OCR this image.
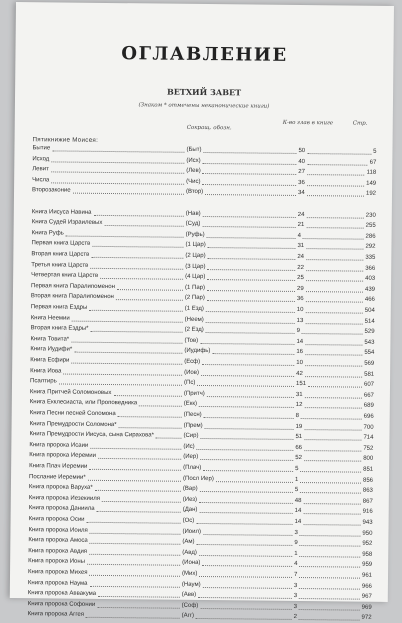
ОГЛАВЛЕНИЕ
ВЕТХИЙ ЗАВЕТ
(Знаком * отмечены неканонические книги)
Сокращ. обозн.
К-во глав в книге	Стр.
Пятикнижие Моисея:
Бытие	(Быт)	50	5
Исход	(Исх)	40	67
Левит	(Лев)	27	118
Числа	(Чис)	36	149
Второзаконие	(Втор)	34	192
Книга Иисуса Навина	(Нав)	24	230
Книга Судей Израилевых	(Суд)	21	255
Книга Руфь	(Руфь)	4	286
Первая книга Царств	(1 Цар)	31	292
Вторая книга Царств	(2 Цар)	24	335
Третья книга Царств	(3 Цар)	22	366
Четвертая книга Царств	(4 Цар)	25	403
Первая книга Паралипоменон	(1 Пар)	29	439
Вторая книга Паралипоменон	(2 Пар)	36	466
Первая книга Ездры	(1 Езд)	10	504
Книга Неемии	(Неем)	13	514
Вторая книга Ездры*	(2 Езд)	9	529
Книга Товита*	(Тов)	14	543
Книга Иудифи*	(Иудифь)	16	554
Книга Есфири	(Есф)	10	569
Книга Иова	(Иов)	42	581
Псалтирь	(Пс)	151	607
Книга Притчей Соломоновых	(Притч)	31	667
Книга Екклесиаста, или Проповедника	(Екк)	12	689
Книга Песни песней Соломона	(Песн)	8	696
Книга Премудрости Соломона*	(Прем)	19	700
Книга Премудрости Иисуса, сына Сирахова*	(Сир)	51	714
Книга пророка Исаии	(Ис)	66	752
Книга пророка Иеремии	(Иер)	52	800
Книга Плач Иеремии	(Плач)	5	851
Послание Иеремии*	(Посл Иер)	1	856
Книга пророка Варуха*	(Вар)	5	863
Книга пророка Иезекииля	(Иез)	48	867
Книга пророка Даниила	(Дан)	14	916
Книга пророка Осии	(Ос)	14	943
Книга пророка Иоиля	(Иоил)	3	950
Книга пророка Амоса	(Ам)	9	952
Книга пророка Авдия	(Авд)	1	958
Книга пророка Ионы	(Иона)	4	959
Книга пророка Михея	(Мих)	7	961
Книга пророка Наума	(Наум)	3	966
Книга пророка Аввакума	(Авв)	3	967
Книга пророка Софонии	(Соф)	3	969
Книга пророка Аггея	(Агг)	2	972
